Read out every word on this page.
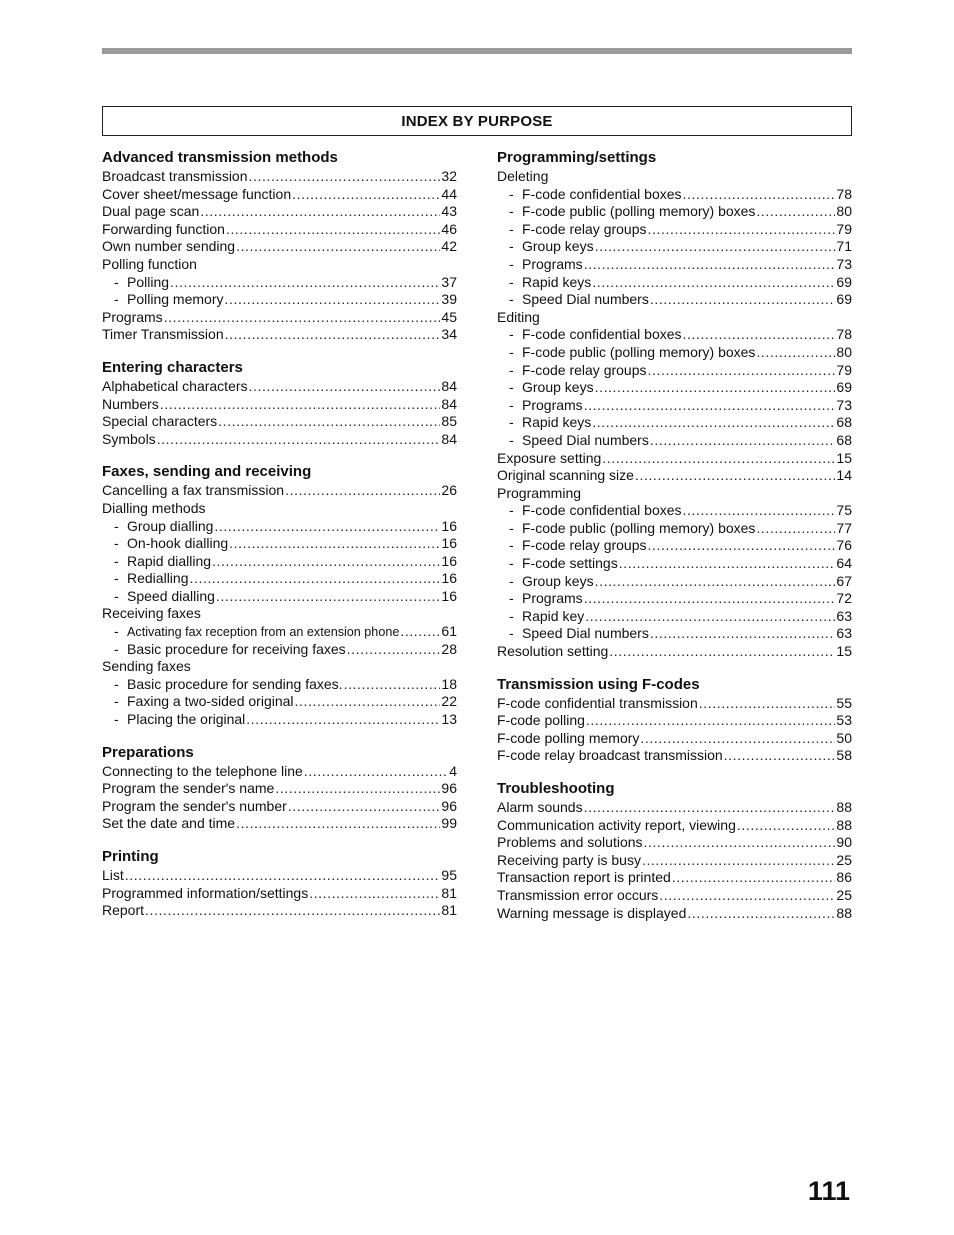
INDEX BY PURPOSE
Advanced transmission methods
Broadcast transmission .....	32
Cover sheet/message function .....	44
Dual page scan .....	43
Forwarding function .....	46
Own number sending .....	42
Polling function
- Polling .....	37
- Polling memory .....	39
Programs .....	45
Timer Transmission .....	34
Entering characters
Alphabetical characters .....	84
Numbers .....	84
Special characters .....	85
Symbols .....	84
Faxes, sending and receiving
Cancelling a fax transmission .....	26
Dialling methods
- Group dialling .....	16
- On-hook dialling .....	16
- Rapid dialling .....	16
- Redialling .....	16
- Speed dialling .....	16
Receiving faxes
- Activating fax reception from an extension phone .....	61
- Basic procedure for receiving faxes .....	28
Sending faxes
- Basic procedure for sending faxes. .....	18
- Faxing a two-sided original .....	22
- Placing the original .....	13
Preparations
Connecting to the telephone line .....	4
Program the sender's name .....	96
Program the sender's number .....	96
Set the date and time .....	99
Printing
List .....	95
Programmed information/settings .....	81
Report .....	81
Programming/settings
Deleting
- F-code confidential boxes .....	78
- F-code public (polling memory) boxes .....	80
- F-code relay groups .....	79
- Group keys .....	71
- Programs .....	73
- Rapid keys .....	69
- Speed Dial numbers .....	69
Editing
- F-code confidential boxes .....	78
- F-code public (polling memory) boxes .....	80
- F-code relay groups .....	79
- Group keys .....	69
- Programs .....	73
- Rapid keys .....	68
- Speed Dial numbers .....	68
Exposure setting .....	15
Original scanning size .....	14
Programming
- F-code confidential boxes .....	75
- F-code public (polling memory) boxes .....	77
- F-code relay groups .....	76
- F-code settings .....	64
- Group keys .....	67
- Programs .....	72
- Rapid key .....	63
- Speed Dial numbers .....	63
Resolution setting .....	15
Transmission using F-codes
F-code confidential transmission .....	55
F-code polling .....	53
F-code polling memory .....	50
F-code relay broadcast transmission .....	58
Troubleshooting
Alarm sounds .....	88
Communication activity report, viewing .....	88
Problems and solutions .....	90
Receiving party is busy .....	25
Transaction report is printed .....	86
Transmission error occurs .....	25
Warning message is displayed .....	88
111
